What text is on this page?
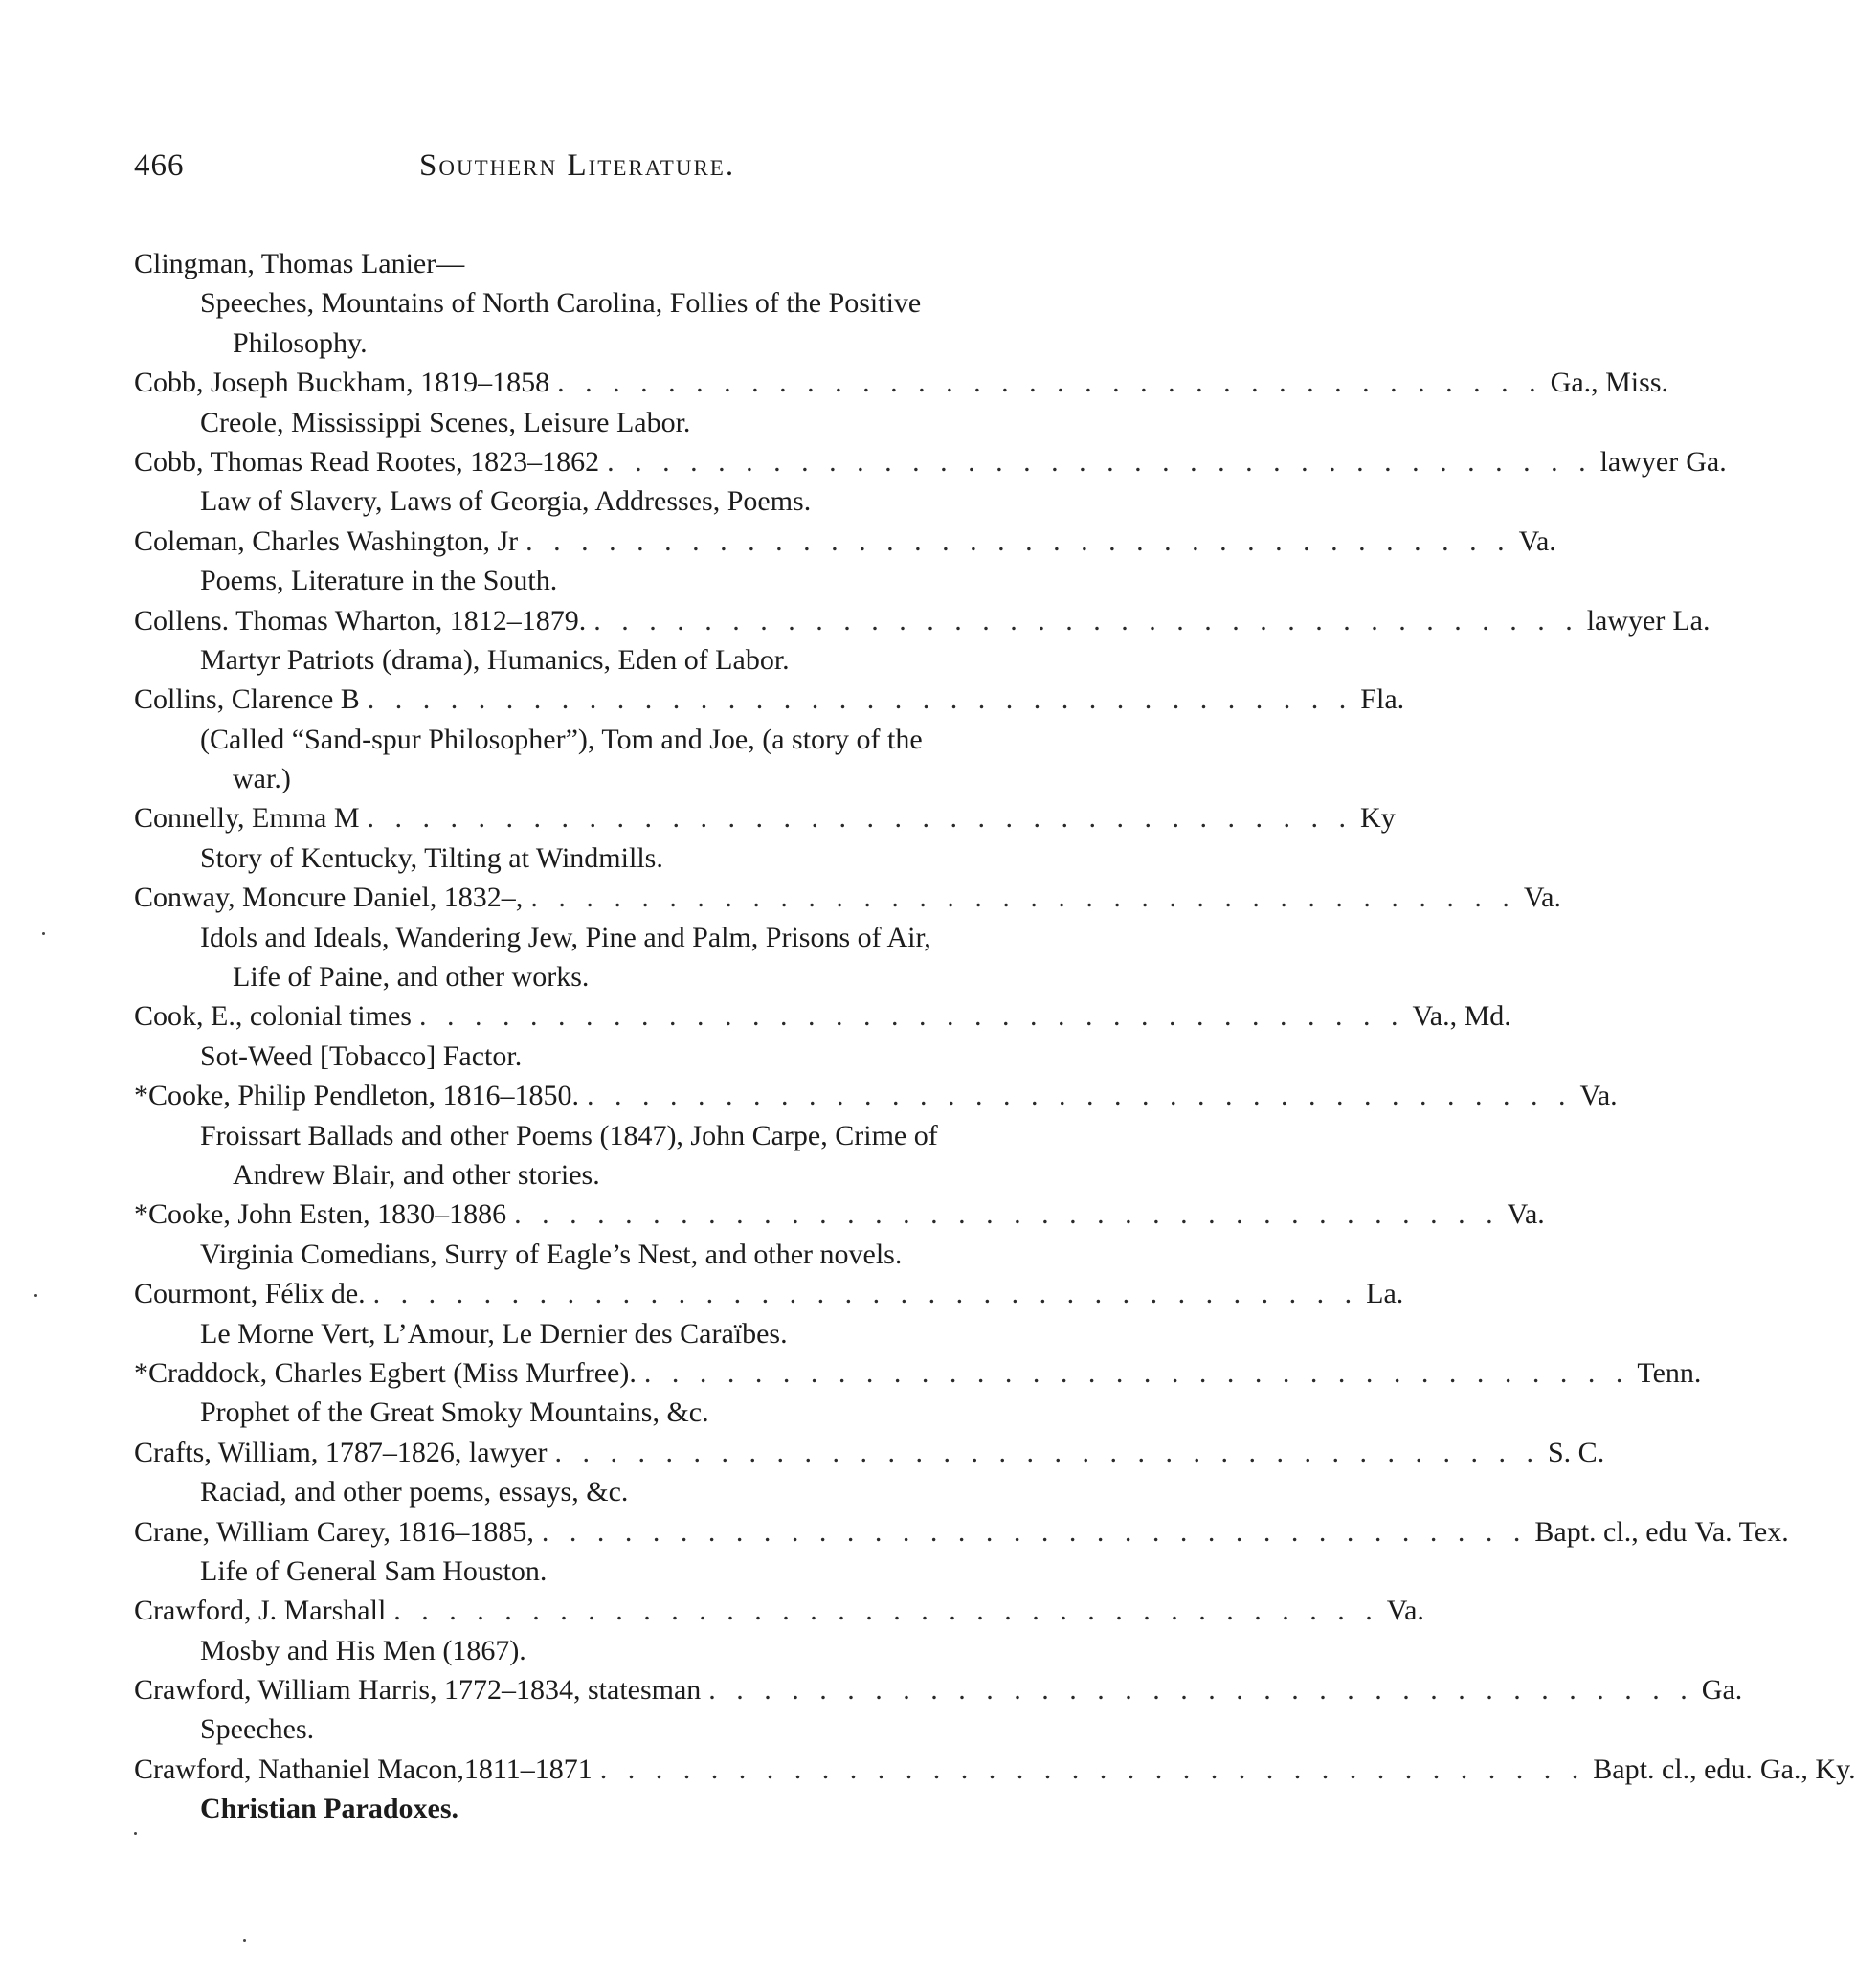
466	Southern Literature.
Clingman, Thomas Lanier—
Speeches, Mountains of North Carolina, Follies of the Positive
Philosophy.
Cobb, Joseph Buckham, 1819–1858 . . . . . . . . . . . . . . . . . . . . . . . . . . . . . . . . . . . . Ga., Miss.
Creole, Mississippi Scenes, Leisure Labor.
Cobb, Thomas Read Rootes, 1823–1862 . . . . . . . . . . . . . . . . . . . . . . . . . . . . . . . . . . . . lawyer Ga.
Law of Slavery, Laws of Georgia, Addresses, Poems.
Coleman, Charles Washington, Jr . . . . . . . . . . . . . . . . . . . . . . . . . . . . . . . . . . . . Va.
Poems, Literature in the South.
Collens. Thomas Wharton, 1812–1879. . . . . . . . . . . . . . . . . . . . . . . . . . . . . . . . . . . . . lawyer La.
Martyr Patriots (drama), Humanics, Eden of Labor.
Collins, Clarence B . . . . . . . . . . . . . . . . . . . . . . . . . . . . . . . . . . . . Fla.
(Called “Sand-spur Philosopher”), Tom and Joe, (a story of the
war.)
Connelly, Emma M . . . . . . . . . . . . . . . . . . . . . . . . . . . . . . . . . . . . Ky
Story of Kentucky, Tilting at Windmills.
Conway, Moncure Daniel, 1832–, . . . . . . . . . . . . . . . . . . . . . . . . . . . . . . . . . . . . Va.
Idols and Ideals, Wandering Jew, Pine and Palm, Prisons of Air,
Life of Paine, and other works.
Cook, E., colonial times . . . . . . . . . . . . . . . . . . . . . . . . . . . . . . . . . . . . Va., Md.
Sot-Weed [Tobacco] Factor.
*Cooke, Philip Pendleton, 1816–1850. . . . . . . . . . . . . . . . . . . . . . . . . . . . . . . . . . . . . Va.
Froissart Ballads and other Poems (1847), John Carpe, Crime of
Andrew Blair, and other stories.
*Cooke, John Esten, 1830–1886 . . . . . . . . . . . . . . . . . . . . . . . . . . . . . . . . . . . . Va.
Virginia Comedians, Surry of Eagle’s Nest, and other novels.
Courmont, Félix de. . . . . . . . . . . . . . . . . . . . . . . . . . . . . . . . . . . . . La.
Le Morne Vert, L’Amour, Le Dernier des Caraïbes.
*Craddock, Charles Egbert (Miss Murfree). . . . . . . . . . . . . . . . . . . . . . . . . . . . . . . . . . . . . Tenn.
Prophet of the Great Smoky Mountains, &c.
Crafts, William, 1787–1826, lawyer . . . . . . . . . . . . . . . . . . . . . . . . . . . . . . . . . . . . S. C.
Raciad, and other poems, essays, &c.
Crane, William Carey, 1816–1885, . . . . . . . . . . . . . . . . . . . . . . . . . . . . . . . . . . . . Bapt. cl., edu Va. Tex.
Life of General Sam Houston.
Crawford, J. Marshall . . . . . . . . . . . . . . . . . . . . . . . . . . . . . . . . . . . . Va.
Mosby and His Men (1867).
Crawford, William Harris, 1772–1834, statesman . . . . . . . . . . . . . . . . . . . . . . . . . . . . . . . . . . . . Ga.
Speeches.
Crawford, Nathaniel Macon,1811–1871 . . . . . . . . . . . . . . . . . . . . . . . . . . . . . . . . . . . . Bapt. cl., edu. Ga., Ky.
Christian Paradoxes.
